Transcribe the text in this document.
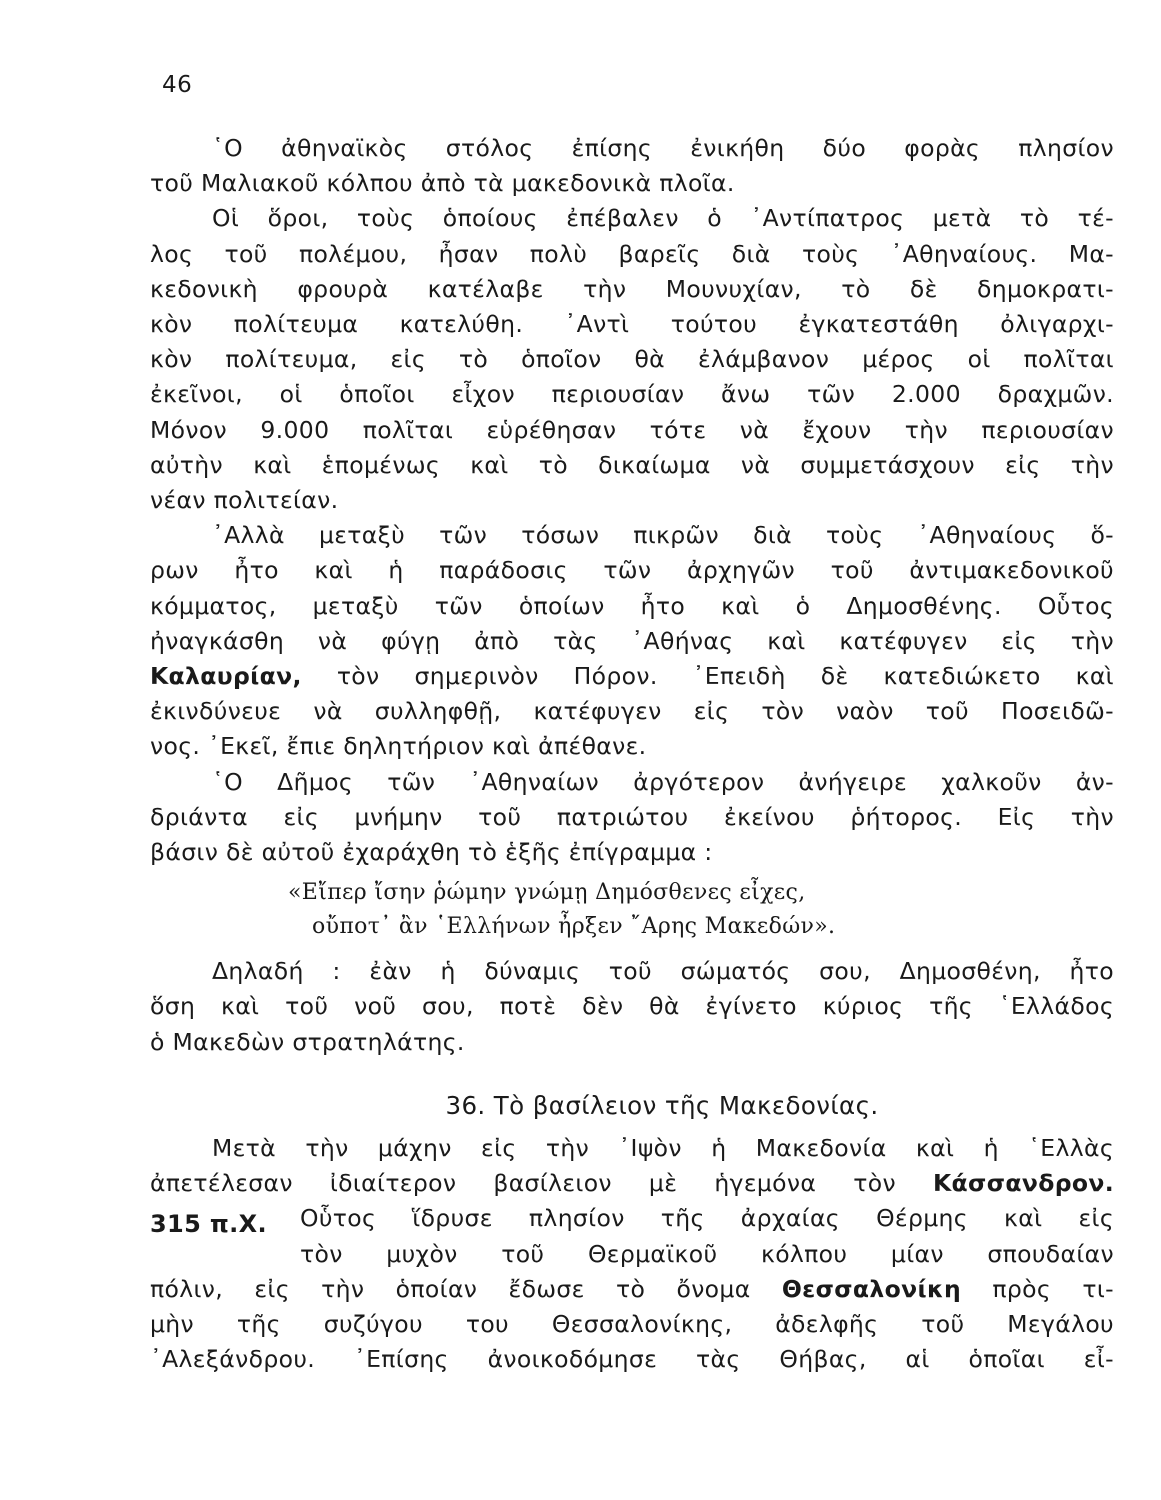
46
῾Ο ἀθηναϊκὸς στόλος ἐπίσης ἐνικήθη δύο φορὰς πλησίον
τοῦ Μαλιακοῦ κόλπου ἀπὸ τὰ μακεδονικὰ πλοῖα.
Οἱ ὅροι, τοὺς ὁποίους ἐπέβαλεν ὁ ᾿Αντίπατρος μετὰ τὸ τέ-
λος τοῦ πολέμου, ἦσαν πολὺ βαρεῖς διὰ τοὺς ᾿Αθηναίους. Μα-
κεδονικὴ φρουρὰ κατέλαβε τὴν Μουνυχίαν, τὸ δὲ δημοκρατι-
κὸν πολίτευμα κατελύθη. ᾿Αντὶ τούτου ἐγκατεστάθη ὀλιγαρχι-
κὸν πολίτευμα, εἰς τὸ ὁποῖον θὰ ἐλάμβανον μέρος οἱ πολῖται
ἐκεῖνοι, οἱ ὁποῖοι εἶχον περιουσίαν ἄνω τῶν 2.000 δραχμῶν.
Μόνον 9.000 πολῖται εὑρέθησαν τότε νὰ ἔχουν τὴν περιουσίαν
αὐτὴν καὶ ἑπομένως καὶ τὸ δικαίωμα νὰ συμμετάσχουν εἰς τὴν
νέαν πολιτείαν.
᾿Αλλὰ μεταξὺ τῶν τόσων πικρῶν διὰ τοὺς ᾿Αθηναίους ὅ-
ρων ἦτο καὶ ἡ παράδοσις τῶν ἀρχηγῶν τοῦ ἀντιμακεδονικοῦ
κόμματος, μεταξὺ τῶν ὁποίων ἦτο καὶ ὁ Δημοσθένης. Οὗτος
ἠναγκάσθη νὰ φύγῃ ἀπὸ τὰς ᾿Αθήνας καὶ κατέφυγεν εἰς τὴν
Καλαυρίαν, τὸν σημερινὸν Πόρον. ᾿Επειδὴ δὲ κατεδιώκετο καὶ
ἐκινδύνευε νὰ συλληφθῇ, κατέφυγεν εἰς τὸν ναὸν τοῦ Ποσειδῶ-
νος. ᾿Εκεῖ, ἔπιε δηλητήριον καὶ ἀπέθανε.
῾Ο Δῆμος τῶν ᾿Αθηναίων ἀργότερον ἀνήγειρε χαλκοῦν ἀν-
δριάντα εἰς μνήμην τοῦ πατριώτου ἐκείνου ῥήτορος. Εἰς τὴν
βάσιν δὲ αὐτοῦ ἐχαράχθη τὸ ἑξῆς ἐπίγραμμα :
«Εἴπερ ἴσην ῥώμην γνώμῃ Δημόσθενες εἶχες,
οὔποτ᾿ ἂν ῾Ελλήνων ἦρξεν ῎Αρης Μακεδών».
Δηλαδή : ἐὰν ἡ δύναμις τοῦ σώματός σου, Δημοσθένη, ἦτο
ὅση καὶ τοῦ νοῦ σου, ποτὲ δὲν θὰ ἐγίνετο κύριος τῆς ῾Ελλάδος
ὁ Μακεδὼν στρατηλάτης.
36. Τὸ βασίλειον τῆς Μακεδονίας.
Μετὰ τὴν μάχην εἰς τὴν ᾿Ιψὸν ἡ Μακεδονία καὶ ἡ ῾Ελλὰς
ἀπετέλεσαν ἰδιαίτερον βασίλειον μὲ ἡγεμόνα τὸν Κάσσανδρον.
315 π.Χ.	Οὗτος ἵδρυσε πλησίον τῆς ἀρχαίας Θέρμης καὶ εἰς
τὸν μυχὸν τοῦ Θερμαϊκοῦ κόλπου μίαν σπουδαίαν
πόλιν, εἰς τὴν ὁποίαν ἔδωσε τὸ ὄνομα Θεσσαλονίκη πρὸς τι-
μὴν τῆς συζύγου του Θεσσαλονίκης, ἀδελφῆς τοῦ Μεγάλου
᾿Αλεξάνδρου. ᾿Επίσης ἀνοικοδόμησε τὰς Θήβας, αἱ ὁποῖαι εἶ-
